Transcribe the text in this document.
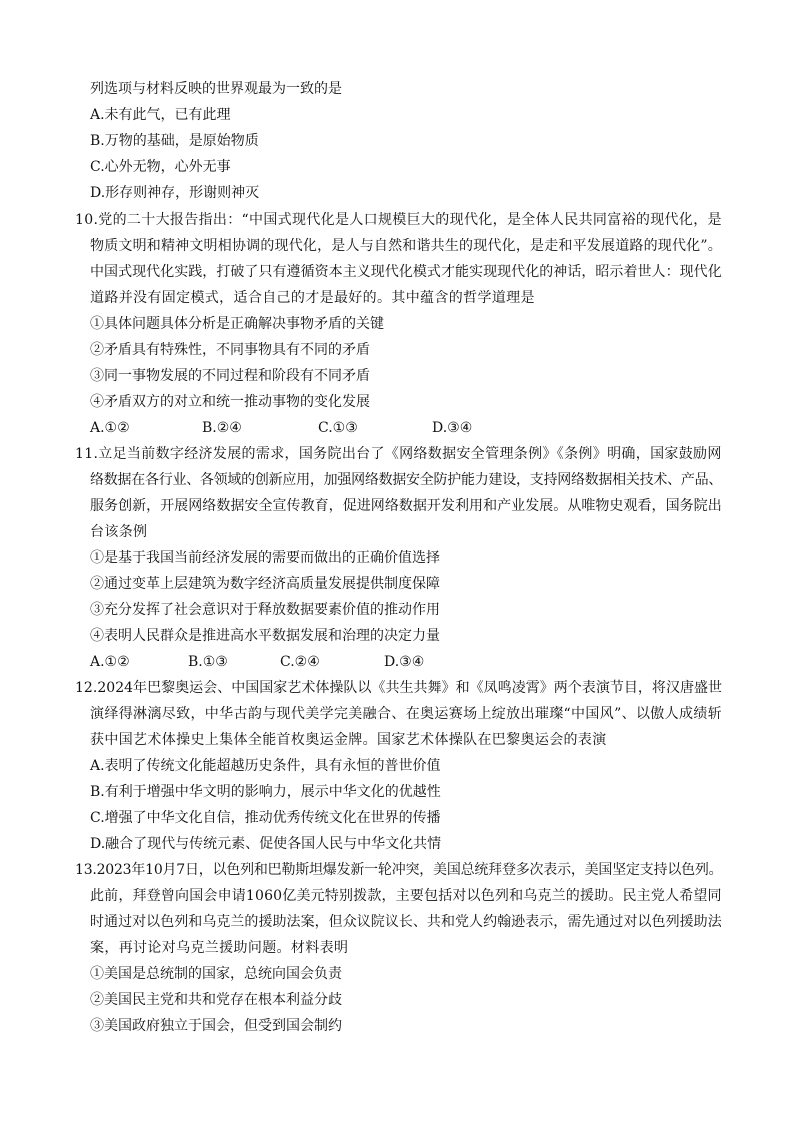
列选项与材料反映的世界观最为一致的是
A.未有此气，已有此理
B.万物的基础，是原始物质
C.心外无物，心外无事
D.形存则神存，形谢则神灭
10.党的二十大报告指出：“中国式现代化是人口规模巨大的现代化，是全体人民共同富裕的现代化，是
物质文明和精神文明相协调的现代化，是人与自然和谐共生的现代化，是走和平发展道路的现代化”。
中国式现代化实践，打破了只有遵循资本主义现代化模式才能实现现代化的神话，昭示着世人：现代化
道路并没有固定模式，适合自己的才是最好的。其中蕴含的哲学道理是
①具体问题具体分析是正确解决事物矛盾的关键
②矛盾具有特殊性，不同事物具有不同的矛盾
③同一事物发展的不同过程和阶段有不同矛盾
④矛盾双方的对立和统一推动事物的变化发展
A.①②	B.②④	C.①③	D.③④
11.立足当前数字经济发展的需求，国务院出台了《网络数据安全管理条例》《条例》明确，国家鼓励网
络数据在各行业、各领域的创新应用，加强网络数据安全防护能力建设，支持网络数据相关技术、产品、
服务创新，开展网络数据安全宣传教育，促进网络数据开发利用和产业发展。从唯物史观看，国务院出
台该条例
①是基于我国当前经济发展的需要而做出的正确价值选择
②通过变革上层建筑为数字经济高质量发展提供制度保障
③充分发挥了社会意识对于释放数据要素价值的推动作用
④表明人民群众是推进高水平数据发展和治理的决定力量
A.①②	B.①③	C.②④	D.③④
12.2024年巴黎奥运会、中国国家艺术体操队以《共生共舞》和《凤鸣凌霄》两个表演节目，将汉唐盛世
演绎得淋漓尽致，中华古韵与现代美学完美融合、在奥运赛场上绽放出璀璨“中国风”、以傲人成绩斩
获中国艺术体操史上集体全能首枚奥运金牌。国家艺术体操队在巴黎奥运会的表演
A.表明了传统文化能超越历史条件，具有永恒的普世价值
B.有利于增强中华文明的影响力，展示中华文化的优越性
C.增强了中华文化自信，推动优秀传统文化在世界的传播
D.融合了现代与传统元素、促使各国人民与中华文化共情
13.2023年10月7日，以色列和巴勒斯坦爆发新一轮冲突，美国总统拜登多次表示，美国坚定支持以色列。
此前，拜登曾向国会申请1060亿美元特别拨款，主要包括对以色列和乌克兰的援助。民主党人希望同
时通过对以色列和乌克兰的援助法案，但众议院议长、共和党人约翰逊表示，需先通过对以色列援助法
案，再讨论对乌克兰援助问题。材料表明
①美国是总统制的国家，总统向国会负责
②美国民主党和共和党存在根本利益分歧
③美国政府独立于国会，但受到国会制约
